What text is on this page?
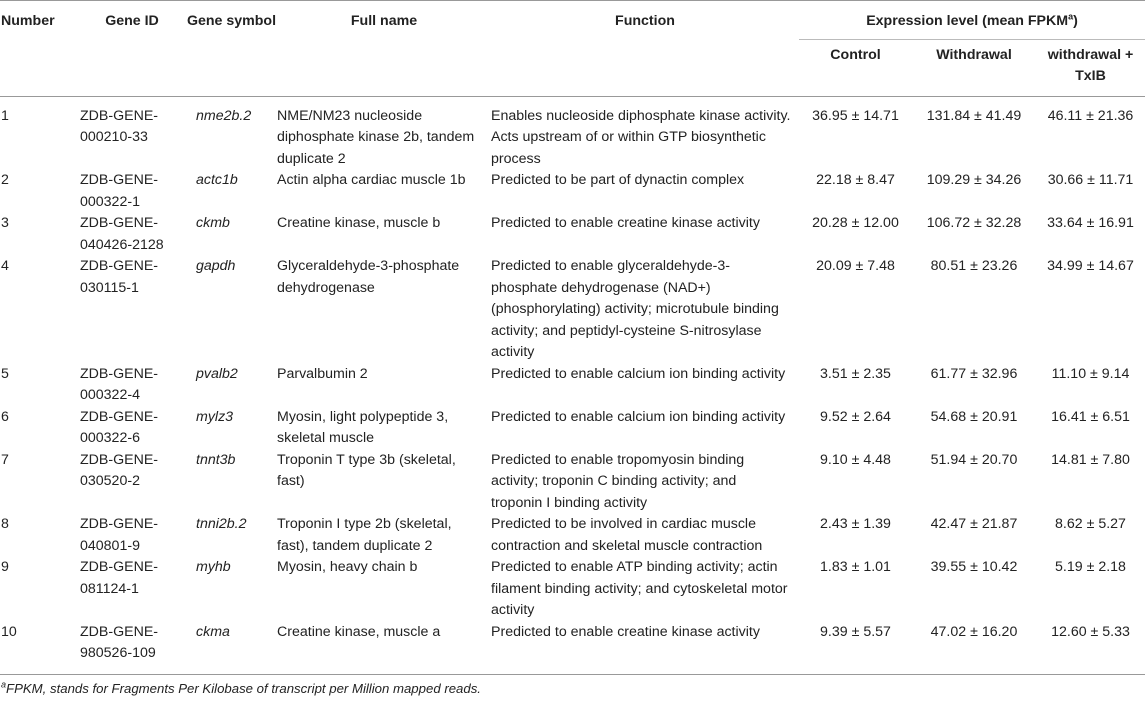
Number	Gene ID	Gene symbol	Full name	Function	Expression level (mean FPKM$^a$)		
					Control	Withdrawal	withdrawal + TxIB
1	ZDB-GENE-000210-33	nme2b.2	NME/NM23 nucleoside diphosphate kinase 2b, tandem duplicate 2	Enables nucleoside diphosphate kinase activity. Acts upstream of or within GTP biosynthetic process	36.95 ± 14.71	131.84 ± 41.49	46.11 ± 21.36
2	ZDB-GENE-000322-1	actc1b	Actin alpha cardiac muscle 1b	Predicted to be part of dynactin complex	22.18 ± 8.47	109.29 ± 34.26	30.66 ± 11.71
3	ZDB-GENE-040426-2128	ckmb	Creatine kinase, muscle b	Predicted to enable creatine kinase activity	20.28 ± 12.00	106.72 ± 32.28	33.64 ± 16.91
4	ZDB-GENE-030115-1	gapdh	Glyceraldehyde-3-phosphate dehydrogenase	Predicted to enable glyceraldehyde-3-phosphate dehydrogenase (NAD+) (phosphorylating) activity; microtubule binding activity; and peptidyl-cysteine S-nitrosylase activity	20.09 ± 7.48	80.51 ± 23.26	34.99 ± 14.67
5	ZDB-GENE-000322-4	pvalb2	Parvalbumin 2	Predicted to enable calcium ion binding activity	3.51 ± 2.35	61.77 ± 32.96	11.10 ± 9.14
6	ZDB-GENE-000322-6	mylz3	Myosin, light polypeptide 3, skeletal muscle	Predicted to enable calcium ion binding activity	9.52 ± 2.64	54.68 ± 20.91	16.41 ± 6.51
7	ZDB-GENE-030520-2	tnnt3b	Troponin T type 3b (skeletal, fast)	Predicted to enable tropomyosin binding activity; troponin C binding activity; and troponin I binding activity	9.10 ± 4.48	51.94 ± 20.70	14.81 ± 7.80
8	ZDB-GENE-040801-9	tnni2b.2	Troponin I type 2b (skeletal, fast), tandem duplicate 2	Predicted to be involved in cardiac muscle contraction and skeletal muscle contraction	2.43 ± 1.39	42.47 ± 21.87	8.62 ± 5.27
9	ZDB-GENE-081124-1	myhb	Myosin, heavy chain b	Predicted to enable ATP binding activity; actin filament binding activity; and cytoskeletal motor activity	1.83 ± 1.01	39.55 ± 10.42	5.19 ± 2.18
10	ZDB-GENE-980526-109	ckma	Creatine kinase, muscle a	Predicted to enable creatine kinase activity	9.39 ± 5.57	47.02 ± 16.20	12.60 ± 5.33
$^a$FPKM, stands for Fragments Per Kilobase of transcript per Million mapped reads.
